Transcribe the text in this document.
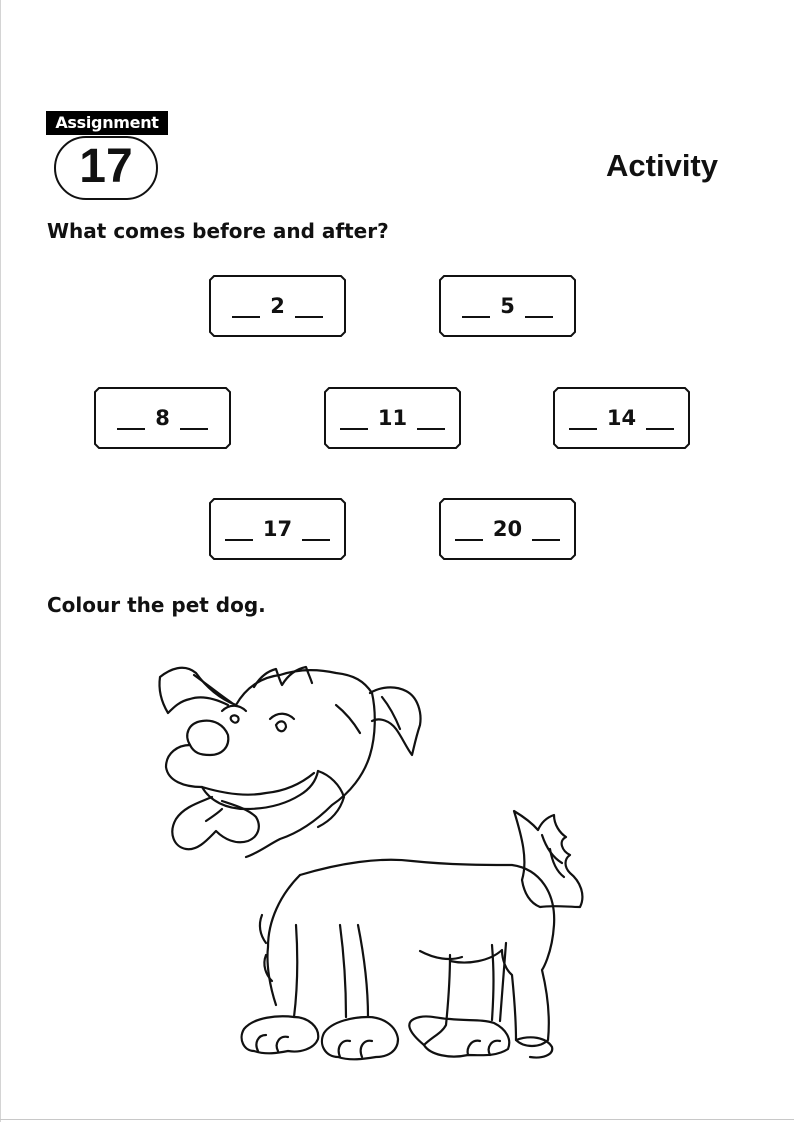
Assignment
17	Activity
What comes before and after?
2	5
8	11	14
17	20
Colour the pet dog.
